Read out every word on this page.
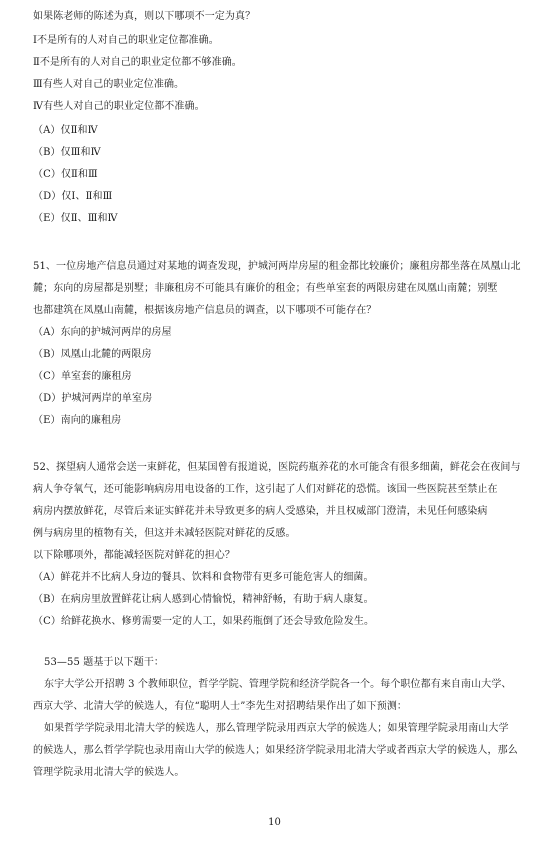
如果陈老师的陈述为真，则以下哪项不一定为真？
Ⅰ不是所有的人对自己的职业定位都准确。
Ⅱ不是所有的人对自己的职业定位都不够准确。
Ⅲ有些人对自己的职业定位准确。
Ⅳ有些人对自己的职业定位都不准确。
（A）仅Ⅱ和Ⅳ
（B）仅Ⅲ和Ⅳ
（C）仅Ⅱ和Ⅲ
（D）仅Ⅰ、Ⅱ和Ⅲ
（E）仅Ⅱ、Ⅲ和Ⅳ
51、一位房地产信息员通过对某地的调查发现，护城河两岸房屋的租金都比较廉价；廉租房都坐落在凤凰山北
麓；东向的房屋都是别墅；非廉租房不可能具有廉价的租金；有些单室套的两限房建在凤凰山南麓；别墅
也都建筑在凤凰山南麓，根据该房地产信息员的调查，以下哪项不可能存在？
（A）东向的护城河两岸的房屋
（B）凤凰山北麓的两限房
（C）单室套的廉租房
（D）护城河两岸的单室房
（E）南向的廉租房
52、探望病人通常会送一束鲜花，但某国曾有报道说，医院药瓶养花的水可能含有很多细菌，鲜花会在夜间与
病人争夺氧气，还可能影响病房用电设备的工作，这引起了人们对鲜花的恐慌。该国一些医院甚至禁止在
病房内摆放鲜花，尽管后来证实鲜花并未导致更多的病人受感染，并且权威部门澄清，未见任何感染病
例与病房里的植物有关，但这并未减轻医院对鲜花的反感。
以下除哪项外，都能减轻医院对鲜花的担心？
（A）鲜花并不比病人身边的餐具、饮料和食物带有更多可能危害人的细菌。
（B）在病房里放置鲜花让病人感到心情愉悦，精神舒畅，有助于病人康复。
（C）给鲜花换水、修剪需要一定的人工，如果药瓶倒了还会导致危险发生。
53—55 题基于以下题干：
东宇大学公开招聘 3 个教师职位，哲学学院、管理学院和经济学院各一个。每个职位都有来自南山大学、
西京大学、北清大学的候选人，有位“聪明人士”李先生对招聘结果作出了如下预测：
如果哲学学院录用北清大学的候选人，那么管理学院录用西京大学的候选人；如果管理学院录用南山大学
的候选人，那么哲学学院也录用南山大学的候选人；如果经济学院录用北清大学或者西京大学的候选人，那么
管理学院录用北清大学的候选人。
10
